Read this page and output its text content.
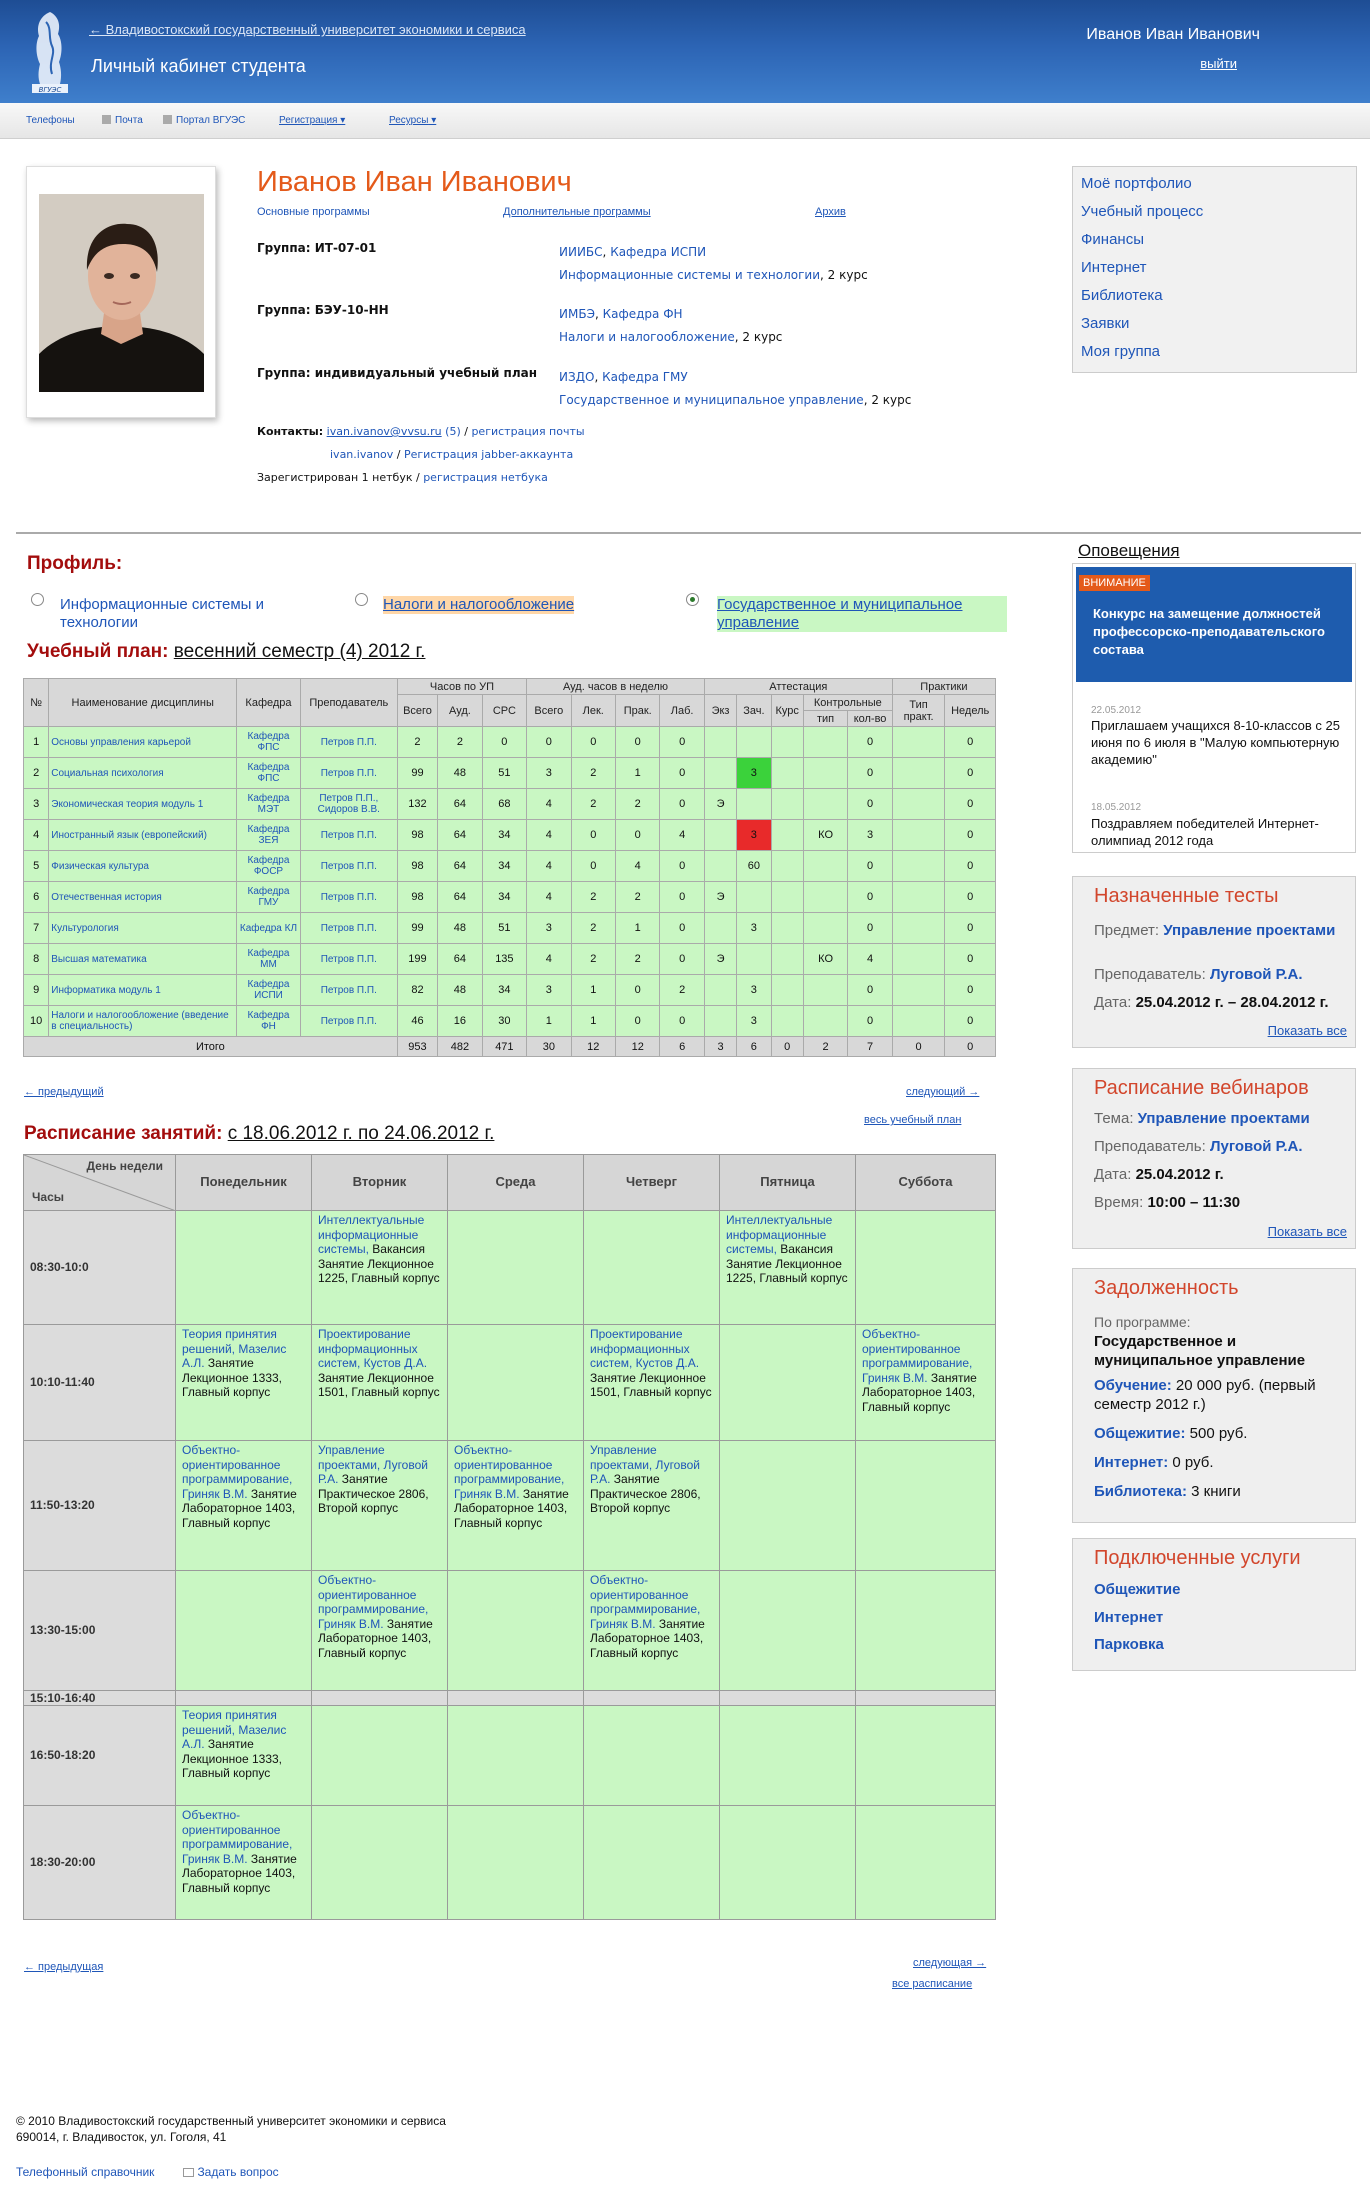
ВГУЭС
← Владивостокский государственный университет экономики и сервиса
Личный кабинет студента
Иванов Иван Иванович
выйти
Телефоны	Почта	Портал ВГУЭС	Регистрация ▾	Ресурсы ▾
Иванов Иван Иванович
Основные программы	Дополнительные программы	Архив
Группа: ИТ-07-01	ИИИБС, Кафедра ИСПИ
Информационные системы и технологии, 2 курс
Группа: БЭУ-10-НН	ИМБЭ, Кафедра ФН
Налоги и налогообложение, 2 курс
Группа: индивидуальный учебный план ИЗДО, Кафедра ГМУ
Государственное и муниципальное управление, 2 курс
Контакты: ivan.ivanov@vvsu.ru (5) / регистрация почты
ivan.ivanov / Регистрация jabber-аккаунта
Зарегистрирован 1 нетбук / регистрация нетбука
Моё портфолио
Учебный процесс
Финансы
Интернет
Библиотека
Заявки
Моя группа
Профиль:
Информационные системы и технологии
Налоги и налогообложение	Государственное и муниципальное управление
Учебный план: весенний семестр (4) 2012 г.
№	Наименование дисциплины	Кафедра	Преподаватель	Часов по УП			Ауд. часов в неделю				Аттестация					Практики	
				Всего	Ауд.	СРС	Всего	Лек.	Прак.	Лаб.	Экз	Зач.	Курс	Контрольные		Тип практ.	Недель
														тип	кол-во		
1	Основы управления карьерой	Кафедра ФПС	Петров П.П.	2	2	0	0	0	0	0					0		0
2	Социальная психология	Кафедра ФПС	Петров П.П.	99	48	51	3	2	1	0		3			0		0
3	Экономическая теория модуль 1	Кафедра МЭТ	Петров П.П., Сидоров В.В.	132	64	68	4	2	2	0	Э				0		0
4	Иностранный язык (европейский)	Кафедра ЗЕЯ	Петров П.П.	98	64	34	4	0	0	4		3		КО	3		0
5	Физическая культура	Кафедра ФОСР	Петров П.П.	98	64	34	4	0	4	0		60			0		0
6	Отечественная история	Кафедра ГМУ	Петров П.П.	98	64	34	4	2	2	0	Э				0		0
7	Культурология	Кафедра КЛ	Петров П.П.	99	48	51	3	2	1	0		3			0		0
8	Высшая математика	Кафедра ММ	Петров П.П.	199	64	135	4	2	2	0	Э			КО	4		0
9	Информатика модуль 1	Кафедра ИСПИ	Петров П.П.	82	48	34	3	1	0	2		3			0		0
10	Налоги и налогообложение (введение в специальность)	Кафедра ФН	Петров П.П.	46	16	30	1	1	0	0		3			0		0
Итого				953	482	471	30	12	12	6	3	6	0	2	7	0	0
← предыдущий	следующий →
весь учебный план
Расписание занятий: с 18.06.2012 г. по 24.06.2012 г.
День недели
Часы	Понедельник	Вторник	Среда	Четверг	Пятница	Суббота
08:30-10:0		Интеллектуальные информационные системы, Вакансия Занятие Лекционное 1225, Главный корпус			Интеллектуальные информационные системы, Вакансия Занятие Лекционное 1225, Главный корпус	
10:10-11:40	Теория принятия решений, Мазелис А.Л. Занятие Лекционное 1333, Главный корпус	Проектирование информационных систем, Кустов Д.А. Занятие Лекционное 1501, Главный корпус		Проектирование информационных систем, Кустов Д.А. Занятие Лекционное 1501, Главный корпус		Объектно-ориентированное программирование, Гриняк В.М. Занятие Лабораторное 1403, Главный корпус
11:50-13:20	Объектно-ориентированное программирование, Гриняк В.М. Занятие Лабораторное 1403, Главный корпус	Управление проектами, Луговой Р.А. Занятие Практическое 2806, Второй корпус	Объектно-ориентированное программирование, Гриняк В.М. Занятие Лабораторное 1403, Главный корпус	Управление проектами, Луговой Р.А. Занятие Практическое 2806, Второй корпус		
13:30-15:00		Объектно-ориентированное программирование, Гриняк В.М. Занятие Лабораторное 1403, Главный корпус		Объектно-ориентированное программирование, Гриняк В.М. Занятие Лабораторное 1403, Главный корпус		
15:10-16:40						
16:50-18:20	Теория принятия решений, Мазелис А.Л. Занятие Лекционное 1333, Главный корпус					
18:30-20:00	Объектно-ориентированное программирование, Гриняк В.М. Занятие Лабораторное 1403, Главный корпус					
← предыдущая	следующая →
все расписание
Оповещения
ВНИМАНИЕ
Конкурс на замещение должностей профессорско-преподавательского состава
22.05.2012
Приглашаем учащихся 8-10-классов с 25 июня по 6 июля в "Малую компьютерную академию"
18.05.2012
Поздравляем победителей Интернет-олимпиад 2012 года
Назначенные тесты
Предмет: Управление проектами
Преподаватель: Луговой Р.А.
Дата: 25.04.2012 г. – 28.04.2012 г.
Показать все
Расписание вебинаров
Тема: Управление проектами
Преподаватель: Луговой Р.А.
Дата: 25.04.2012 г.
Время: 10:00 – 11:30
Показать все
Задолженность
По программе:
Государственное и муниципальное управление
Обучение: 20 000 руб. (первый семестр 2012 г.)
Общежитие: 500 руб.
Интернет: 0 руб.
Библиотека: 3 книги
Подключенные услуги
Общежитие
Интернет
Парковка
© 2010 Владивостокский государственный университет экономики и сервиса
690014, г. Владивосток, ул. Гоголя, 41
Телефонный справочник	Задать вопрос
